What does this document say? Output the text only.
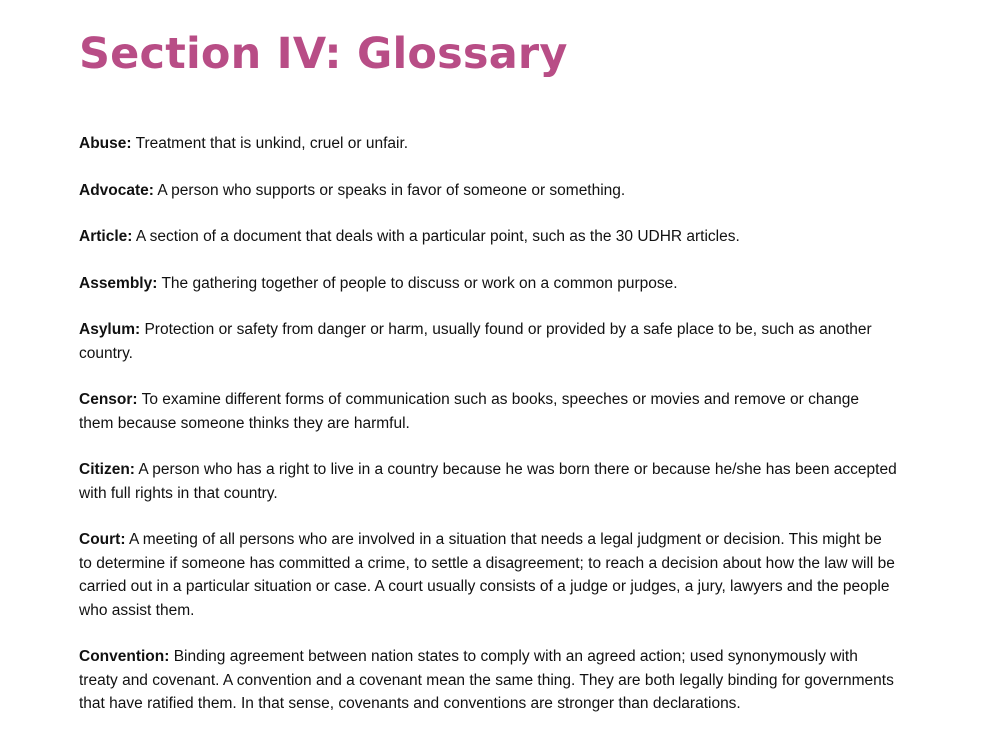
Section IV: Glossary
Abuse: Treatment that is unkind, cruel or unfair.
Advocate: A person who supports or speaks in favor of someone or something.
Article: A section of a document that deals with a particular point, such as the 30 UDHR articles.
Assembly: The gathering together of people to discuss or work on a common purpose.
Asylum: Protection or safety from danger or harm, usually found or provided by a safe place to be, such as another country.
Censor: To examine different forms of communication such as books, speeches or movies and remove or change them because someone thinks they are harmful.
Citizen: A person who has a right to live in a country because he was born there or because he/she has been accepted with full rights in that country.
Court: A meeting of all persons who are involved in a situation that needs a legal judgment or decision. This might be to determine if someone has committed a crime, to settle a disagreement; to reach a decision about how the law will be carried out in a particular situation or case. A court usually consists of a judge or judges, a jury, lawyers and the people who assist them.
Convention: Binding agreement between nation states to comply with an agreed action; used synonymously with treaty and covenant. A convention and a covenant mean the same thing. They are both legally binding for governments that have ratified them. In that sense, covenants and conventions are stronger than declarations.
